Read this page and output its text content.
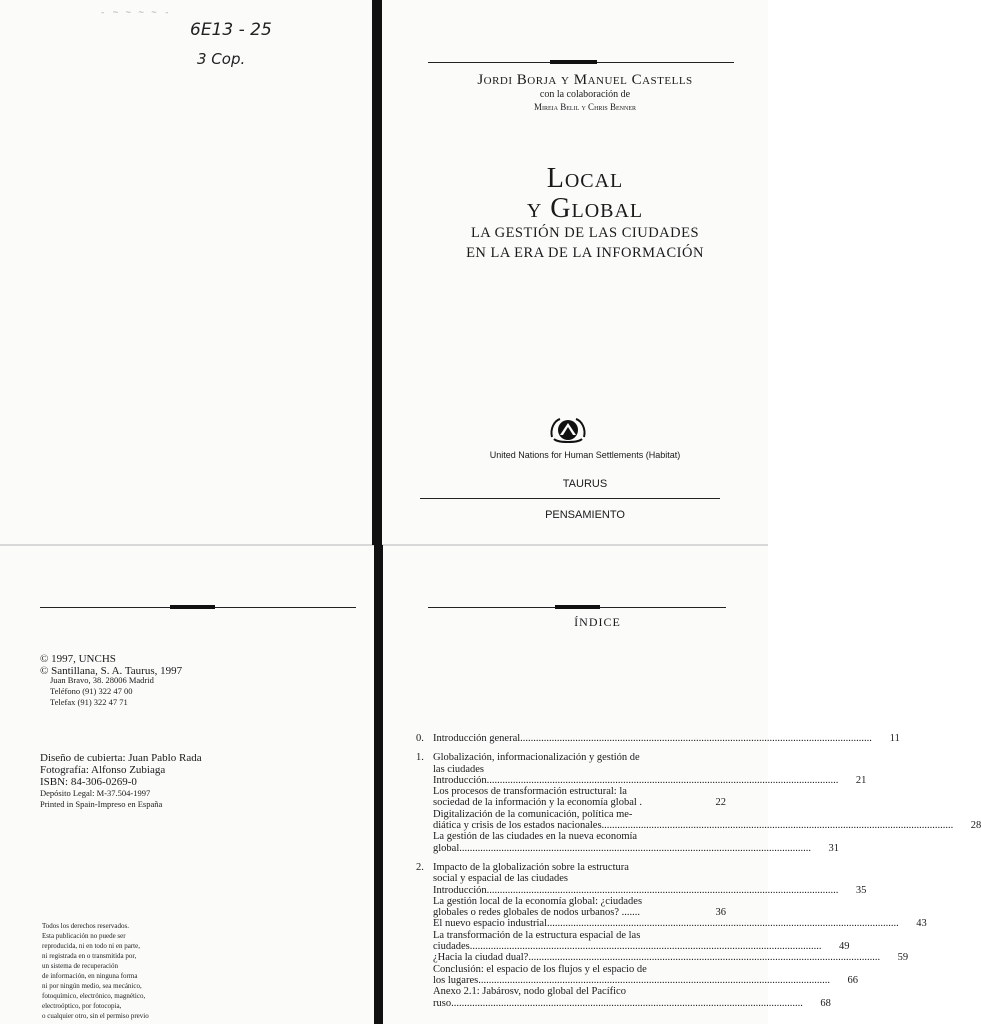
- ~ ~ ~ ~ -
6E13 - 25
3 Cop.
Jordi Borja y Manuel Castells
con la colaboración de
Mireia Belil y Chris Benner
Local
y Global
LA GESTIÓN DE LAS CIUDADES
EN LA ERA DE LA INFORMACIÓN
United Nations for Human Settlements (Habitat)
TAURUS
PENSAMIENTO
© 1997, UNCHS
© Santillana, S. A. Taurus, 1997
Juan Bravo, 38. 28006 Madrid
Teléfono (91) 322 47 00
Telefax (91) 322 47 71
Diseño de cubierta: Juan Pablo Rada
Fotografía: Alfonso Zubiaga
ISBN: 84-306-0269-0
Depósito Legal: M-37.504-1997
Printed in Spain-Impreso en España
Todos los derechos reservados.
Esta publicación no puede ser
reproducida, ni en todo ni en parte,
ni registrada en o transmitida por,
un sistema de recuperación
de información, en ninguna forma
ni por ningún medio, sea mecánico,
fotoquímico, electrónico, magnético,
electroóptico, por fotocopia,
o cualquier otro, sin el permiso previo
ÍNDICE
0. Introducción general .....	11
1. Globalización, informacionalización y gestión de
las ciudades
Introducción .....	21
Los procesos de transformación estructural: la
sociedad de la información y la economía global .	22
Digitalización de la comunicación, política me-
diática y crisis de los estados nacionales .....	28
La gestión de las ciudades en la nueva economía
global .....	31
2. Impacto de la globalización sobre la estructura
social y espacial de las ciudades
Introducción .....	35
La gestión local de la economía global: ¿ciudades
globales o redes globales de nodos urbanos? .......	36
El nuevo espacio industrial .....	43
La transformación de la estructura espacial de las
ciudades .....	49
¿Hacia la ciudad dual? .....	59
Conclusión: el espacio de los flujos y el espacio de
los lugares .....	66
Anexo 2.1: Jabárosv, nodo global del Pacífico
ruso .....	68
